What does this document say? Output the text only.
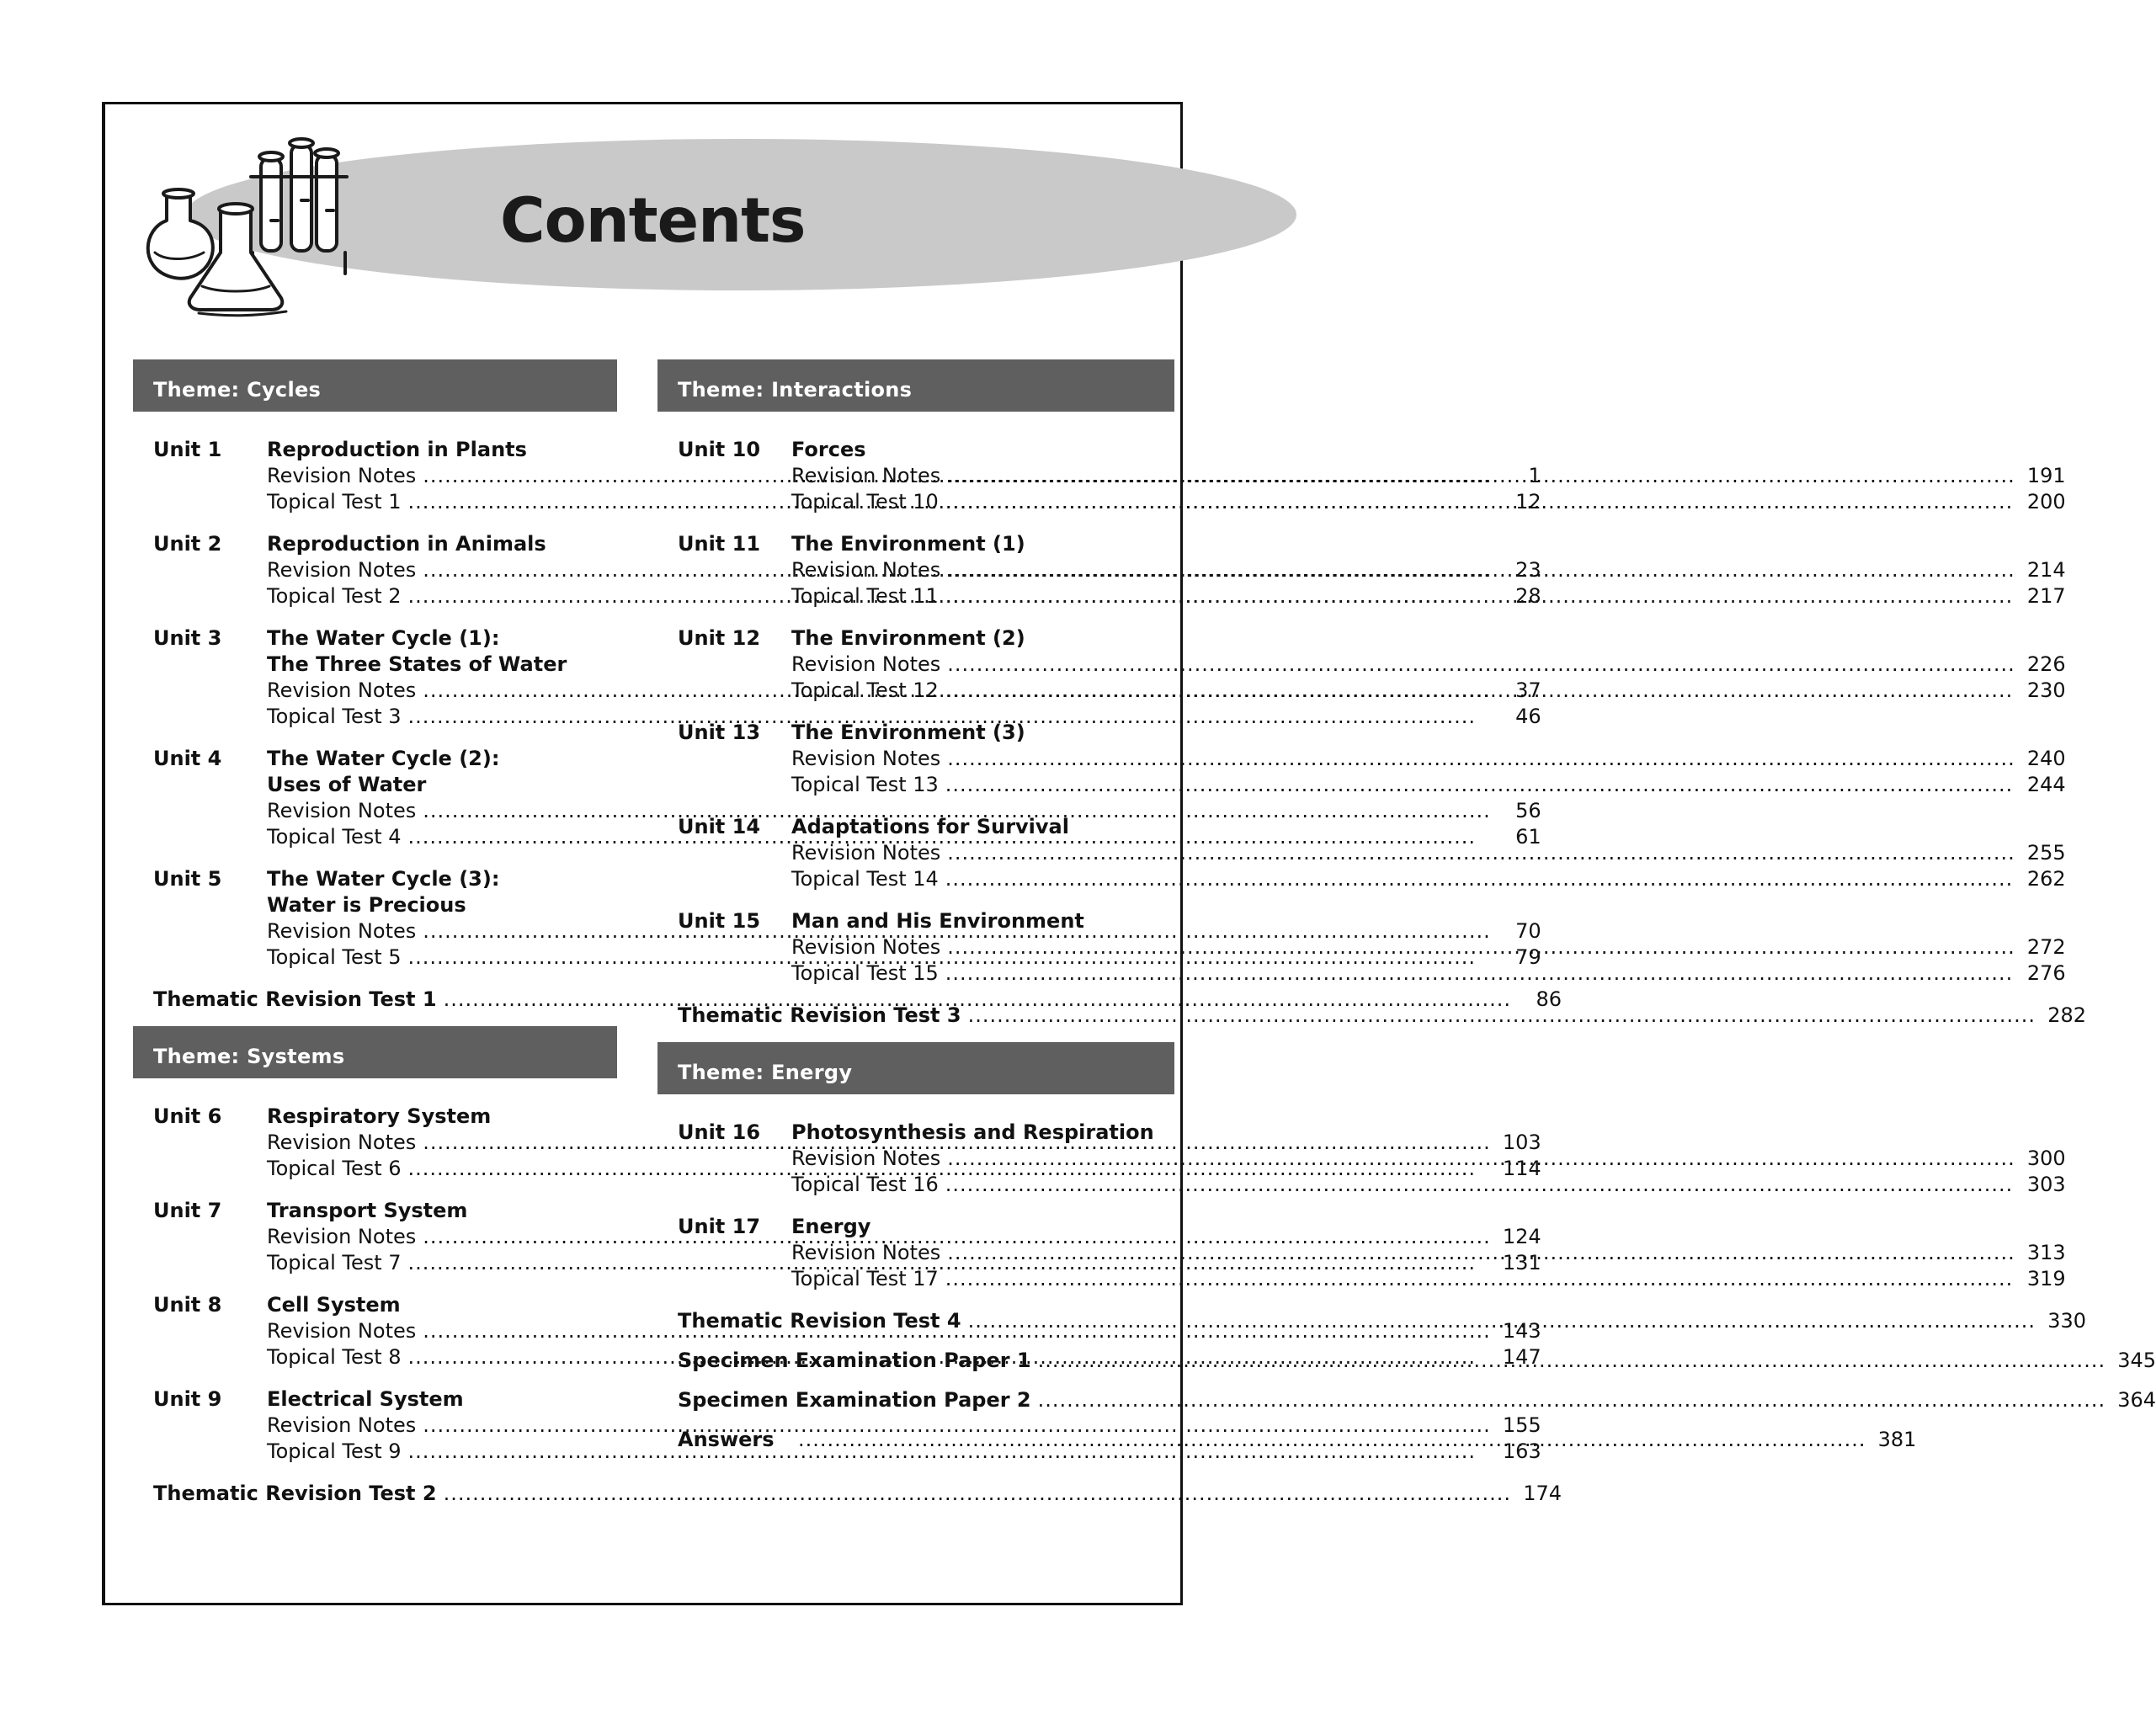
Contents
Theme: Cycles
Unit 1	Reproduction in Plants
Revision Notes .....	1
Topical Test 1 .....	12
Unit 2	Reproduction in Animals
Revision Notes .....	23
Topical Test 2 .....	28
Unit 3	The Water Cycle (1):
The Three States of Water
Revision Notes .....	37
Topical Test 3 .....	46
Unit 4	The Water Cycle (2):
Uses of Water
Revision Notes .....	56
Topical Test 4 .....	61
Unit 5	The Water Cycle (3):
Water is Precious
Revision Notes .....	70
Topical Test 5 .....	79
Thematic Revision Test 1 .....	86
Theme: Systems
Unit 6	Respiratory System
Revision Notes .....	103
Topical Test 6 .....	114
Unit 7	Transport System
Revision Notes .....	124
Topical Test 7 .....	131
Unit 8	Cell System
Revision Notes .....	143
Topical Test 8 .....	147
Unit 9	Electrical System
Revision Notes .....	155
Topical Test 9 .....	163
Thematic Revision Test 2 .....	174
Theme: Interactions
Unit 10	Forces
Revision Notes .....	191
Topical Test 10 .....	200
Unit 11	The Environment (1)
Revision Notes .....	214
Topical Test 11 .....	217
Unit 12	The Environment (2)
Revision Notes .....	226
Topical Test 12 .....	230
Unit 13	The Environment (3)
Revision Notes .....	240
Topical Test 13 .....	244
Unit 14	Adaptations for Survival
Revision Notes .....	255
Topical Test 14 .....	262
Unit 15	Man and His Environment
Revision Notes .....	272
Topical Test 15 .....	276
Thematic Revision Test 3 .....	282
Theme: Energy
Unit 16	Photosynthesis and Respiration
Revision Notes .....	300
Topical Test 16 .....	303
Unit 17	Energy
Revision Notes .....	313
Topical Test 17 .....	319
Thematic Revision Test 4 .....	330
Specimen Examination Paper 1 .....	345
Specimen Examination Paper 2 .....	364
Answers .....	381
